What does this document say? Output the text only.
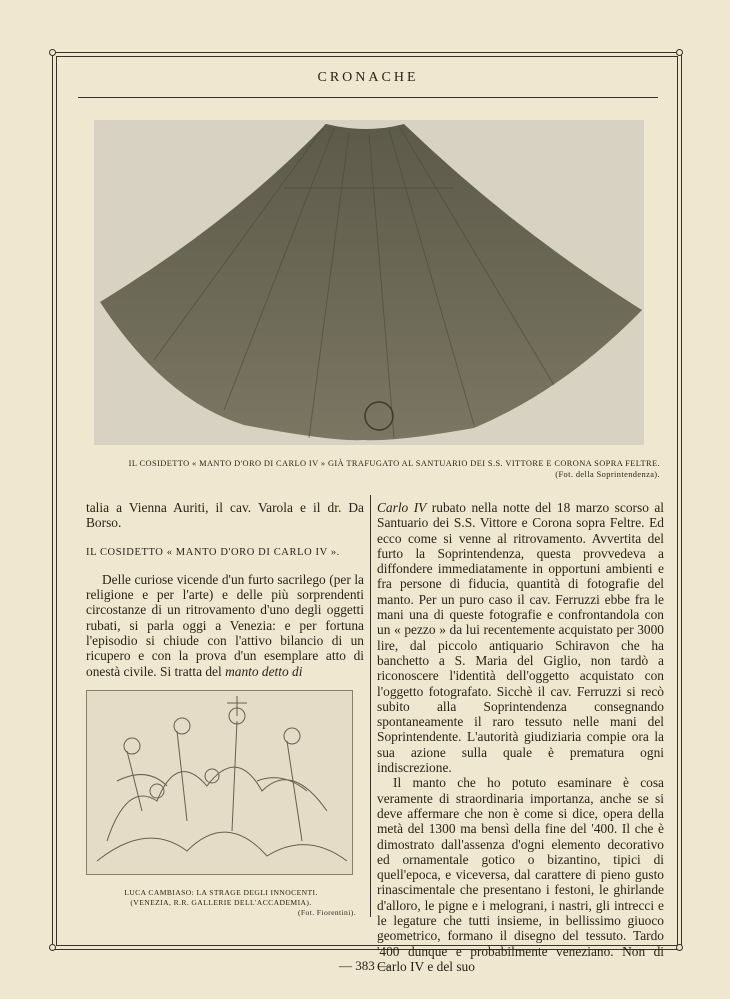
CRONACHE
IL COSIDETTO « MANTO D'ORO DI CARLO IV » GIÀ TRAFUGATO AL SANTUARIO DEI S.S. VITTORE E CORONA SOPRA FELTRE.
(Fot. della Soprintendenza).

talia a Vienna Auriti, il cav. Varola e il dr. Da Borso.

IL COSIDETTO « MANTO D'ORO DI CARLO IV ».

Delle curiose vicende d'un furto sacrilego (per la religione e per l'arte) e delle più sorprendenti circostanze di un ritrovamento d'uno degli oggetti rubati, si parla oggi a Venezia: e per fortuna l'episodio si chiude con l'attivo bilancio di un ricupero e con la prova d'un esemplare atto di onestà civile. Si tratta del manto detto di

LUCA CAMBIASO: LA STRAGE DEGLI INNOCENTI.
(VENEZIA, R.R. GALLERIE DELL'ACCADEMIA).
(Fot. Fiorentini).

Carlo IV rubato nella notte del 18 marzo scorso al Santuario dei S.S. Vittore e Corona sopra Feltre. Ed ecco come si venne al ritrovamento. Avvertita del furto la Soprintendenza, questa provvedeva a diffondere immediatamente in opportuni ambienti e fra persone di fiducia, quantità di fotografie del manto. Per un puro caso il cav. Ferruzzi ebbe fra le mani una di queste fotografie e confrontandola con un « pezzo » da lui recentemente acquistato per 3000 lire, dal piccolo antiquario Schiravon che ha banchetto a S. Maria del Giglio, non tardò a riconoscere l'identità dell'oggetto acquistato con l'oggetto fotografato. Sicchè il cav. Ferruzzi si recò subito alla Soprintendenza consegnando spontaneamente il raro tessuto nelle mani del Soprintendente. L'autorità giudiziaria compie ora la sua azione sulla quale è prematura ogni indiscrezione.

Il manto che ho potuto esaminare è cosa veramente di straordinaria importanza, anche se si deve affermare che non è come si dice, opera della metà del 1300 ma bensì della fine del '400. Il che è dimostrato dall'assenza d'ogni elemento decorativo ed ornamentale gotico o bizantino, tipici di quell'epoca, e viceversa, dal carattere di pieno gusto rinascimentale che presentano i festoni, le ghirlande d'alloro, le pigne e i melograni, i nastri, gli intrecci e le legature che tutti insieme, in bellissimo giuoco geometrico, formano il disegno del tessuto. Tardo '400 dunque e probabilmente veneziano. Non di Carlo IV e del suo

— 383 —
